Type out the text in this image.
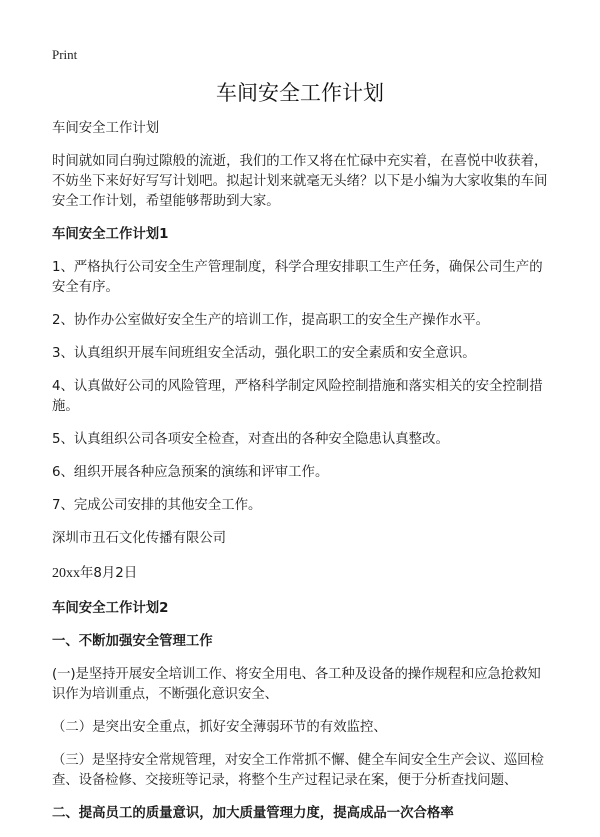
Print
车间安全工作计划

车间安全工作计划

时间就如同白驹过隙般的流逝，我们的工作又将在忙碌中充实着，在喜悦中收获着，不妨坐下来好好写写计划吧。拟起计划来就毫无头绪？以下是小编为大家收集的车间安全工作计划，希望能够帮助到大家。

车间安全工作计划1

1、严格执行公司安全生产管理制度，科学合理安排职工生产任务，确保公司生产的安全有序。

2、协作办公室做好安全生产的培训工作，提高职工的安全生产操作水平。

3、认真组织开展车间班组安全活动，强化职工的安全素质和安全意识。

4、认真做好公司的风险管理，严格科学制定风险控制措施和落实相关的安全控制措施。

5、认真组织公司各项安全检查，对查出的各种安全隐患认真整改。

6、组织开展各种应急预案的演练和评审工作。

7、完成公司安排的其他安全工作。

深圳市丑石文化传播有限公司

20xx年8月2日

车间安全工作计划2
一、不断加强安全管理工作

(一)是坚持开展安全培训工作、将安全用电、各工种及设备的操作规程和应急抢救知识作为培训重点，不断强化意识安全、

（二）是突出安全重点，抓好安全薄弱环节的有效监控、

（三）是坚持安全常规管理，对安全工作常抓不懈、健全车间安全生产会议、巡回检查、设备检修、交接班等记录，将整个生产过程记录在案，便于分析查找问题、

二、提高员工的质量意识，加大质量管理力度，提高成品一次合格率
